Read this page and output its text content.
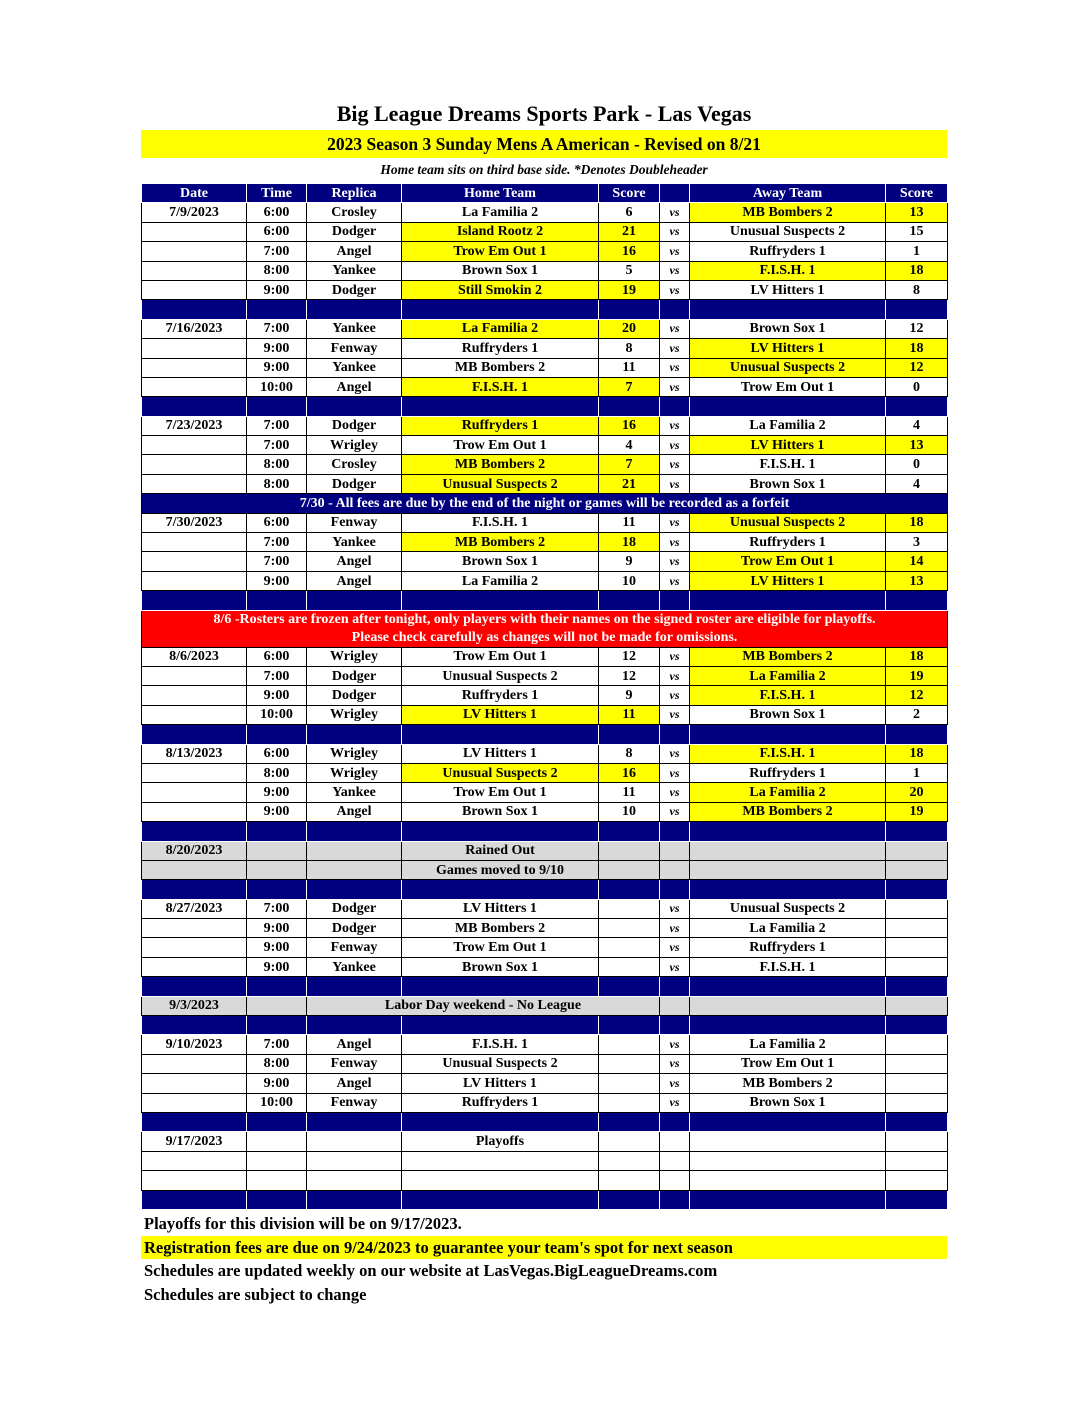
Big League Dreams Sports Park - Las Vegas
2023 Season 3 Sunday Mens A American - Revised on 8/21
Home team sits on third base side. *Denotes Doubleheader
Date	Time	Replica	Home Team	Score		Away Team	Score
7/9/2023	6:00	Crosley	La Familia 2	6	vs	MB Bombers 2	13
	6:00	Dodger	Island Rootz 2	21	vs	Unusual Suspects 2	15
	7:00	Angel	Trow Em Out 1	16	vs	Ruffryders 1	1
	8:00	Yankee	Brown Sox 1	5	vs	F.I.S.H. 1	18
	9:00	Dodger	Still Smokin 2	19	vs	LV Hitters 1	8

7/16/2023	7:00	Yankee	La Familia 2	20	vs	Brown Sox 1	12
	9:00	Fenway	Ruffryders 1	8	vs	LV Hitters 1	18
	9:00	Yankee	MB Bombers 2	11	vs	Unusual Suspects 2	12
	10:00	Angel	F.I.S.H. 1	7	vs	Trow Em Out 1	0

7/23/2023	7:00	Dodger	Ruffryders 1	16	vs	La Familia 2	4
	7:00	Wrigley	Trow Em Out 1	4	vs	LV Hitters 1	13
	8:00	Crosley	MB Bombers 2	7	vs	F.I.S.H. 1	0
	8:00	Dodger	Unusual Suspects 2	21	vs	Brown Sox 1	4
7/30 - All fees are due by the end of the night or games will be recorded as a forfeit							
7/30/2023	6:00	Fenway	F.I.S.H. 1	11	vs	Unusual Suspects 2	18
	7:00	Yankee	MB Bombers 2	18	vs	Ruffryders 1	3
	7:00	Angel	Brown Sox 1	9	vs	Trow Em Out 1	14
	9:00	Angel	La Familia 2	10	vs	LV Hitters 1	13

8/6 -Rosters are frozen after tonight, only players with their names on the signed roster are eligible for playoffs.
Please check carefully as changes will not be made for omissions.							

8/6/2023	6:00	Wrigley	Trow Em Out 1	12	vs	MB Bombers 2	18
	7:00	Dodger	Unusual Suspects 2	12	vs	La Familia 2	19
	9:00	Dodger	Ruffryders 1	9	vs	F.I.S.H. 1	12
	10:00	Wrigley	LV Hitters 1	11	vs	Brown Sox 1	2

8/13/2023	6:00	Wrigley	LV Hitters 1	8	vs	F.I.S.H. 1	18
	8:00	Wrigley	Unusual Suspects 2	16	vs	Ruffryders 1	1
	9:00	Yankee	Trow Em Out 1	11	vs	La Familia 2	20
	9:00	Angel	Brown Sox 1	10	vs	MB Bombers 2	19

8/20/2023			Rained Out				
			Games moved to 9/10				

8/27/2023	7:00	Dodger	LV Hitters 1		vs	Unusual Suspects 2	
	9:00	Dodger	MB Bombers 2		vs	La Familia 2	
	9:00	Fenway	Trow Em Out 1		vs	Ruffryders 1	
	9:00	Yankee	Brown Sox 1		vs	F.I.S.H. 1	

9/3/2023		Labor Day weekend - No League					

9/10/2023	7:00	Angel	F.I.S.H. 1		vs	La Familia 2	
	8:00	Fenway	Unusual Suspects 2		vs	Trow Em Out 1	
	9:00	Angel	LV Hitters 1		vs	MB Bombers 2	
	10:00	Fenway	Ruffryders 1		vs	Brown Sox 1	

9/17/2023			Playoffs				

Playoffs for this division will be on 9/17/2023.
Registration fees are due on 9/24/2023 to guarantee your team's spot for next season
Schedules are updated weekly on our website at LasVegas.BigLeagueDreams.com
Schedules are subject to change
